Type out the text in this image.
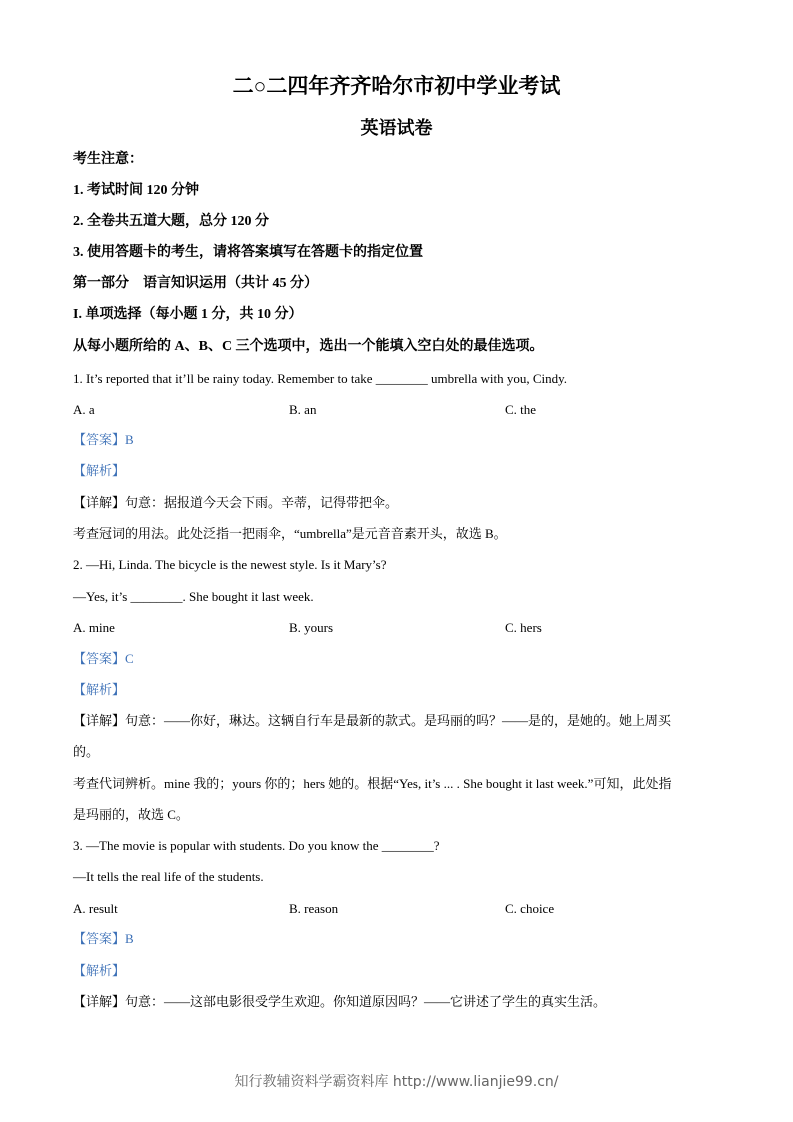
二○二四年齐齐哈尔市初中学业考试
英语试卷
考生注意：
1. 考试时间 120 分钟
2. 全卷共五道大题，总分 120 分
3. 使用答题卡的考生，请将答案填写在答题卡的指定位置
第一部分　语言知识运用（共计 45 分）
I. 单项选择（每小题 1 分，共 10 分）
从每小题所给的 A、B、C 三个选项中，选出一个能填入空白处的最佳选项。
1. It’s reported that it’ll be rainy today. Remember to take ________ umbrella with you, Cindy.
A. a	B. an	C. the
【答案】B
【解析】
【详解】句意：据报道今天会下雨。辛蒂，记得带把伞。
考查冠词的用法。此处泛指一把雨伞，“umbrella”是元音音素开头，故选 B。
2. —Hi, Linda. The bicycle is the newest style. Is it Mary’s?
—Yes, it’s ________. She bought it last week.
A. mine	B. yours	C. hers
【答案】C
【解析】
【详解】句意：——你好，琳达。这辆自行车是最新的款式。是玛丽的吗？——是的，是她的。她上周买
的。
考查代词辨析。mine 我的；yours 你的；hers 她的。根据“Yes, it’s ... . She bought it last week.”可知，此处指
是玛丽的，故选 C。
3. —The movie is popular with students. Do you know the ________?
—It tells the real life of the students.
A. result	B. reason	C. choice
【答案】B
【解析】
【详解】句意：——这部电影很受学生欢迎。你知道原因吗？——它讲述了学生的真实生活。
知行教辅资料学霸资料库 http://www.lianjie99.cn/
